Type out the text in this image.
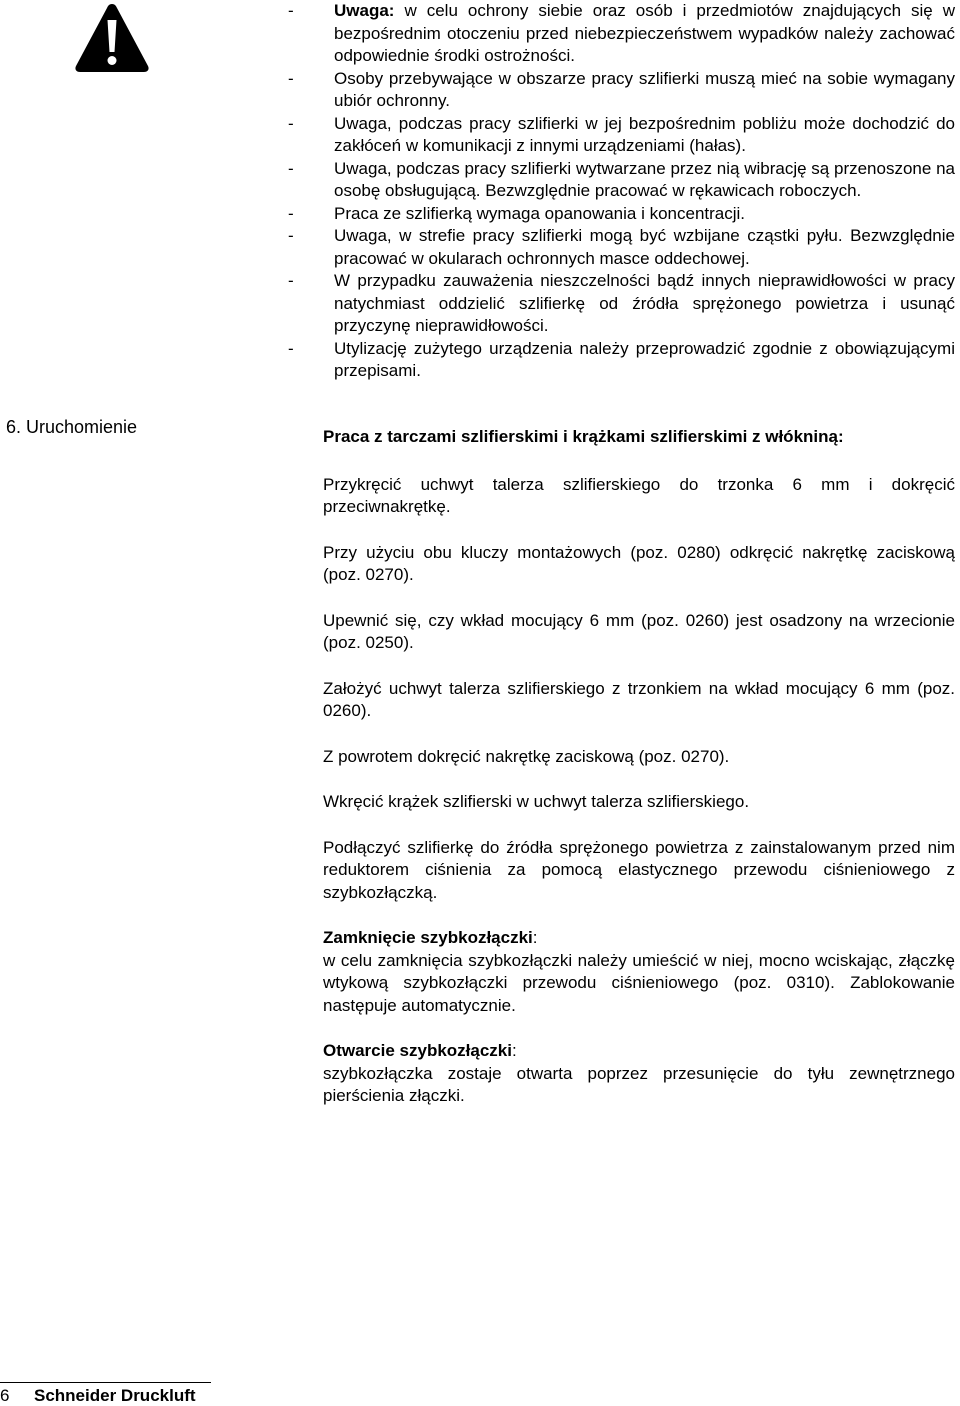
- Uwaga: w celu ochrony siebie oraz osób i przedmiotów znajdujących się w bezpośrednim otoczeniu przed niebezpieczeństwem wypadków należy zachować odpowiednie środki ostrożności.
- Osoby przebywające w obszarze pracy szlifierki muszą mieć na sobie wymagany ubiór ochronny.
- Uwaga, podczas pracy szlifierki w jej bezpośrednim pobliżu może dochodzić do zakłóceń w komunikacji z innymi urządzeniami (hałas).
- Uwaga, podczas pracy szlifierki wytwarzane przez nią wibrację są przenoszone na osobę obsługującą. Bezwzględnie pracować w rękawicach roboczych.
- Praca ze szlifierką wymaga opanowania i koncentracji.
- Uwaga, w strefie pracy szlifierki mogą być wzbijane cząstki pyłu. Bezwzględnie pracować w okularach ochronnych masce oddechowej.
- W przypadku zauważenia nieszczelności bądź innych nieprawidłowości w pracy natychmiast oddzielić szlifierkę od źródła sprężonego powietrza i usunąć przyczynę nieprawidłowości.
- Utylizację zużytego urządzenia należy przeprowadzić zgodnie z obowiązującymi przepisami.
6. Uruchomienie	Praca z tarczami szlifierskimi i krążkami szlifierskimi z włókniną:

Przykręcić uchwyt talerza szlifierskiego do trzonka 6 mm i dokręcić przeciwnakrętkę.

Przy użyciu obu kluczy montażowych (poz. 0280) odkręcić nakrętkę zaciskową (poz. 0270).

Upewnić się, czy wkład mocujący 6 mm (poz. 0260) jest osadzony na wrzecionie (poz. 0250).

Założyć uchwyt talerza szlifierskiego z trzonkiem na wkład mocujący 6 mm (poz. 0260).

Z powrotem dokręcić nakrętkę zaciskową (poz. 0270).

Wkręcić krążek szlifierski w uchwyt talerza szlifierskiego.

Podłączyć szlifierkę do źródła sprężonego powietrza z zainstalowanym przed nim reduktorem ciśnienia za pomocą elastycznego przewodu ciśnieniowego z szybkozłączką.

Zamknięcie szybkozłączki:
w celu zamknięcia szybkozłączki należy umieścić w niej, mocno wciskając, złączkę wtykową szybkozłączki przewodu ciśnieniowego (poz. 0310). Zablokowanie następuje automatycznie.

Otwarcie szybkozłączki:
szybkozłączka zostaje otwarta poprzez przesunięcie do tyłu zewnętrznego pierścienia złączki.

6 Schneider Druckluft
